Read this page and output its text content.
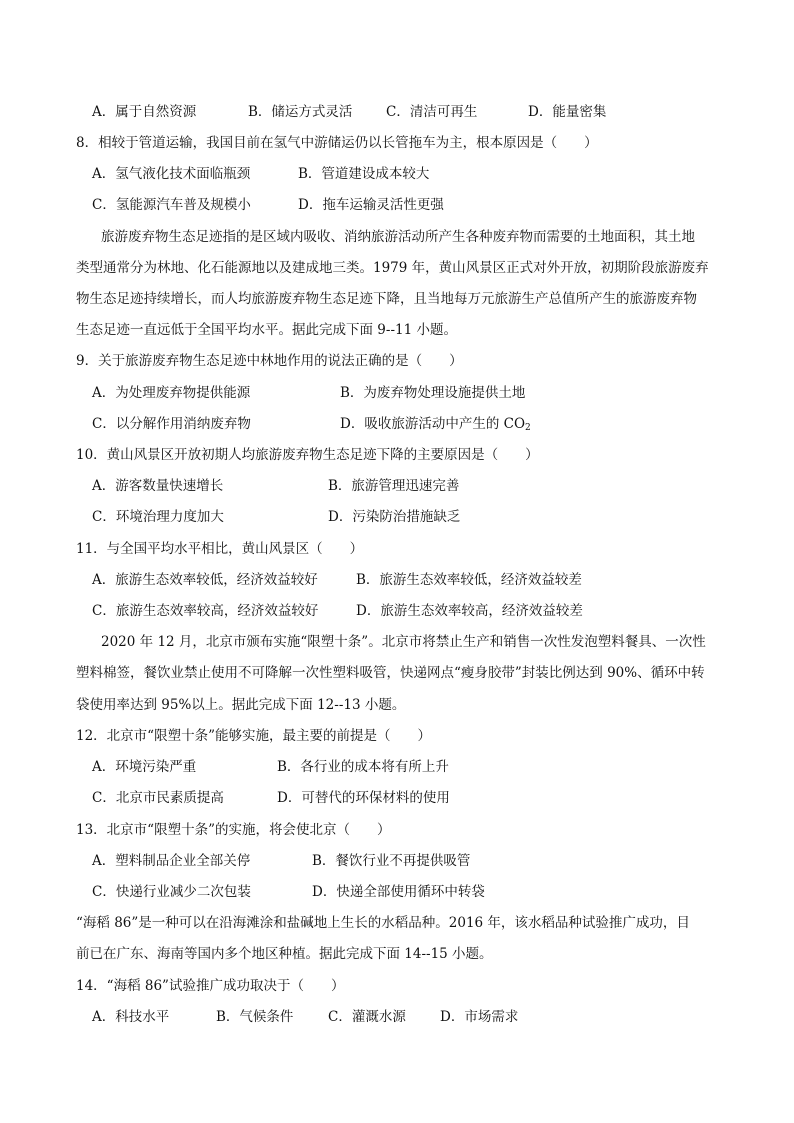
A．属于自然资源	B．储运方式灵活 C．清洁可再生	D．能量密集
8．相较于管道运输，我国目前在氢气中游储运仍以长管拖车为主，根本原因是（　　）
A．氢气液化技术面临瓶颈	B．管道建设成本较大
C．氢能源汽车普及规模小	D．拖车运输灵活性更强
旅游废弃物生态足迹指的是区域内吸收、消纳旅游活动所产生各种废弃物而需要的土地面积，其土地
类型通常分为林地、化石能源地以及建成地三类。1979 年，黄山风景区正式对外开放，初期阶段旅游废弃
物生态足迹持续增长，而人均旅游废弃物生态足迹下降，且当地每万元旅游生产总值所产生的旅游废弃物
生态足迹一直远低于全国平均水平。据此完成下面 9--11 小题。
9．关于旅游废弃物生态足迹中林地作用的说法正确的是（　　）
A．为处理废弃物提供能源	B．为废弃物处理设施提供土地
C．以分解作用消纳废弃物	D．吸收旅游活动中产生的 $CO_2$
10．黄山风景区开放初期人均旅游废弃物生态足迹下降的主要原因是（　　）
A．游客数量快速增长	B．旅游管理迅速完善
C．环境治理力度加大	D．污染防治措施缺乏
11．与全国平均水平相比，黄山风景区（　　）
A．旅游生态效率较低，经济效益较好	B．旅游生态效率较低，经济效益较差
C．旅游生态效率较高，经济效益较好	D．旅游生态效率较高，经济效益较差
2020 年 12 月，北京市颁布实施“限塑十条”。北京市将禁止生产和销售一次性发泡塑料餐具、一次性
塑料棉签，餐饮业禁止使用不可降解一次性塑料吸管，快递网点“瘦身胶带”封装比例达到 90%、循环中转
袋使用率达到 95%以上。据此完成下面 12--13 小题。
12．北京市“限塑十条”能够实施，最主要的前提是（　　）
A．环境污染严重	B．各行业的成本将有所上升
C．北京市民素质提高	D．可替代的环保材料的使用
13．北京市“限塑十条”的实施，将会使北京（　　）
A．塑料制品企业全部关停	B．餐饮行业不再提供吸管
C．快递行业减少二次包装	D．快递全部使用循环中转袋
“海稻 86”是一种可以在沿海滩涂和盐碱地上生长的水稻品种。2016 年，该水稻品种试验推广成功，目
前已在广东、海南等国内多个地区种植。据此完成下面 14--15 小题。
14．“海稻 86”试验推广成功取决于（　　）
A．科技水平	B．气候条件	C．灌溉水源	D．市场需求
